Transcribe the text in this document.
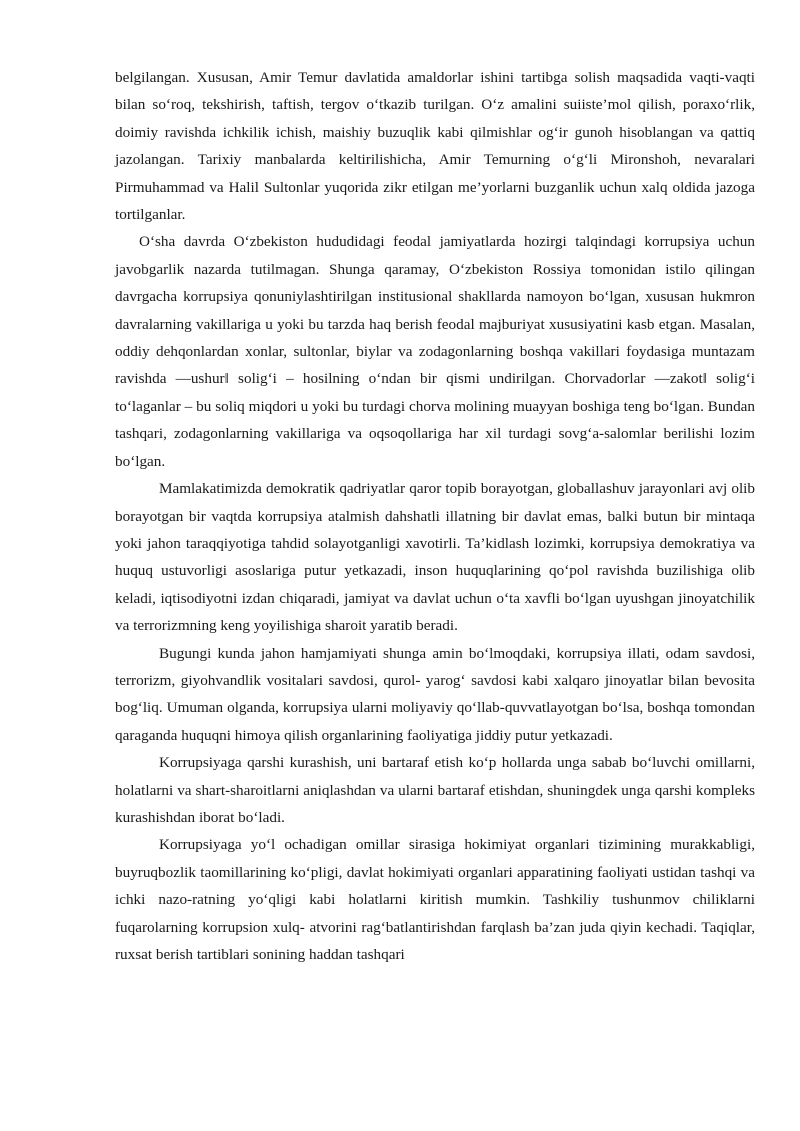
belgilangan. Xususan, Amir Temur davlatida amaldorlar ishini tartibga solish maqsadida vaqti-vaqti bilan so‘roq, tekshirish, taftish, tergov o‘tkazib turilgan. O‘z amalini suiiste’mol qilish, poraxo‘rlik, doimiy ravishda ichkilik ichish, maishiy buzuqlik kabi qilmishlar og‘ir gunoh hisoblangan va qattiq jazolangan. Tarixiy manbalarda keltirilishicha, Amir Temurning o‘g‘li Mironshoh, nevaralari Pirmuhammad va Halil Sultonlar yuqorida zikr etilgan me’yorlarni buzganlik uchun xalq oldida jazoga tortilganlar.

O‘sha davrda O‘zbekiston hududidagi feodal jamiyatlarda hozirgi talqindagi korrupsiya uchun javobgarlik nazarda tutilmagan. Shunga qaramay, O‘zbekiston Rossiya tomonidan istilo qilingan davrgacha korrupsiya qonuniylashtirilgan institusional shakllarda namoyon bo‘lgan, xususan hukmron davralarning vakillariga u yoki bu tarzda haq berish feodal majburiyat xususiyatini kasb etgan. Masalan, oddiy dehqonlardan xonlar, sultonlar, biylar va zodagonlarning boshqa vakillari foydasiga muntazam ravishda ―ushur‖ solig‘i – hosilning o‘ndan bir qismi undirilgan. Chorvadorlar ―zakot‖ solig‘i to‘laganlar – bu soliq miqdori u yoki bu turdagi chorva molining muayyan boshiga teng bo‘lgan. Bundan tashqari, zodagonlarning vakillariga va oqsoqollariga har xil turdagi sovg‘a-salomlar berilishi lozim bo‘lgan.

Mamlakatimizda demokratik qadriyatlar qaror topib borayotgan, globallashuv jarayonlari avj olib borayotgan bir vaqtda korrupsiya atalmish dahshatli illatning bir davlat emas, balki butun bir mintaqa yoki jahon taraqqiyotiga tahdid solayotganligi xavotirli. Ta’kidlash lozimki, korrupsiya demokratiya va huquq ustuvorligi asoslariga putur yetkazadi, inson huquqlarining qo‘pol ravishda buzilishiga olib keladi, iqtisodiyotni izdan chiqaradi, jamiyat va davlat uchun o‘ta xavfli bo‘lgan uyushgan jinoyatchilik va terrorizmning keng yoyilishiga sharoit yaratib beradi.

Bugungi kunda jahon hamjamiyati shunga amin bo‘lmoqdaki, korrupsiya illati, odam savdosi, terrorizm, giyohvandlik vositalari savdosi, qurol- yarog‘ savdosi kabi xalqaro jinoyatlar bilan bevosita bog‘liq. Umuman olganda, korrupsiya ularni moliyaviy qo‘llab-quvvatlayotgan bo‘lsa, boshqa tomondan qaraganda huquqni himoya qilish organlarining faoliyatiga jiddiy putur yetkazadi.

Korrupsiyaga qarshi kurashish, uni bartaraf etish ko‘p hollarda unga sabab bo‘luvchi omillarni, holatlarni va shart-sharoitlarni aniqlashdan va ularni bartaraf etishdan, shuningdek unga qarshi kompleks kurashishdan iborat bo‘ladi.

Korrupsiyaga yo‘l ochadigan omillar sirasiga hokimiyat organlari tizimining murakkabligi, buyruqbozlik taomillarining ko‘pligi, davlat hokimiyati organlari apparatining faoliyati ustidan tashqi va ichki nazo-ratning yo‘qligi kabi holatlarni kiritish mumkin. Tashkiliy tushunmov chiliklarni fuqarolarning korrupsion xulq- atvorini rag‘batlantirishdan farqlash ba’zan juda qiyin kechadi. Taqiqlar, ruxsat berish tartiblari sonining haddan tashqari
